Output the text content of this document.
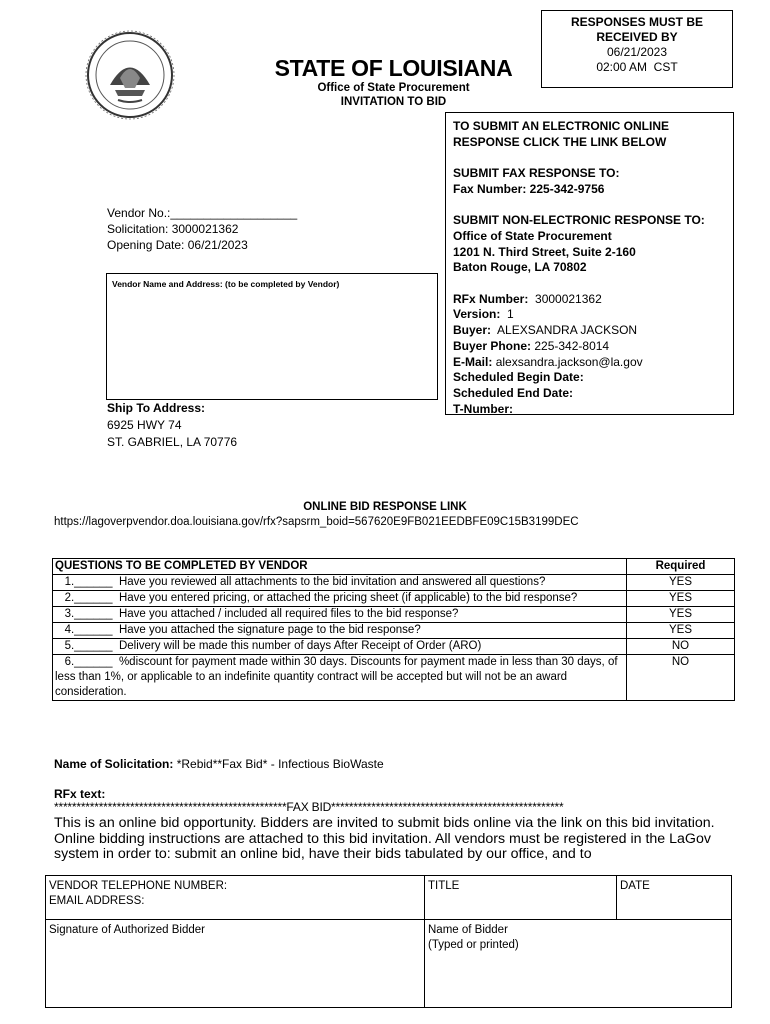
STATE OF LOUISIANA
Office of State Procurement
INVITATION TO BID
RESPONSES MUST BE
RECEIVED BY
06/21/2023
02:00 AM  CST

TO SUBMIT AN ELECTRONIC ONLINE

RESPONSE CLICK THE LINK BELOW

SUBMIT FAX RESPONSE TO:

Fax Number: 225-342-9756

SUBMIT NON-ELECTRONIC RESPONSE TO:

Office of State Procurement

1201 N. Third Street, Suite 2-160

Baton Rouge, LA 70802

RFx Number: 3000021362

Version: 1

Buyer: ALEXSANDRA JACKSON

Buyer Phone: 225-342-8014

E-Mail: alexsandra.jackson@la.gov

Scheduled Begin Date:

Scheduled End Date:

T-Number:

Vendor No.:___________________
Solicitation: 3000021362
Opening Date: 06/21/2023
Vendor Name and Address: (to be completed by Vendor)
Ship To Address:
6925 HWY 74
ST. GABRIEL, LA 70776
ONLINE BID RESPONSE LINK
https://lagoverpvendor.doa.louisiana.gov/rfx?sapsrm_boid=567620E9FB021EEDBFE09C15B3199DEC
QUESTIONS TO BE COMPLETED BY VENDOR	Required
1.______  Have you reviewed all attachments to the bid invitation and answered all questions?	YES
2.______  Have you entered pricing, or attached the pricing sheet (if applicable) to the bid response?	YES
3.______  Have you attached / included all required files to the bid response?	YES
4.______  Have you attached the signature page to the bid response?	YES
5.______  Delivery will be made this number of days After Receipt of Order (ARO)	NO
6.______  %discount for payment made within 30 days. Discounts for payment made in less than 30 days, of less than 1%, or applicable to an indefinite quantity contract will be accepted but will not be an award consideration.	NO
Name of Solicitation: *Rebid**Fax Bid* - Infectious BioWaste
RFx text:
****************************************************FAX BID****************************************************
This is an online bid opportunity. Bidders are invited to submit bids online via the link on this bid invitation. Online bidding instructions are attached to this bid invitation. All vendors must be registered in the LaGov system in order to: submit an online bid, have their bids tabulated by our office, and to
VENDOR TELEPHONE NUMBER:
EMAIL ADDRESS:	TITLE	DATE

Signature of Authorized Bidder	Name of Bidder
(Typed or printed)	
